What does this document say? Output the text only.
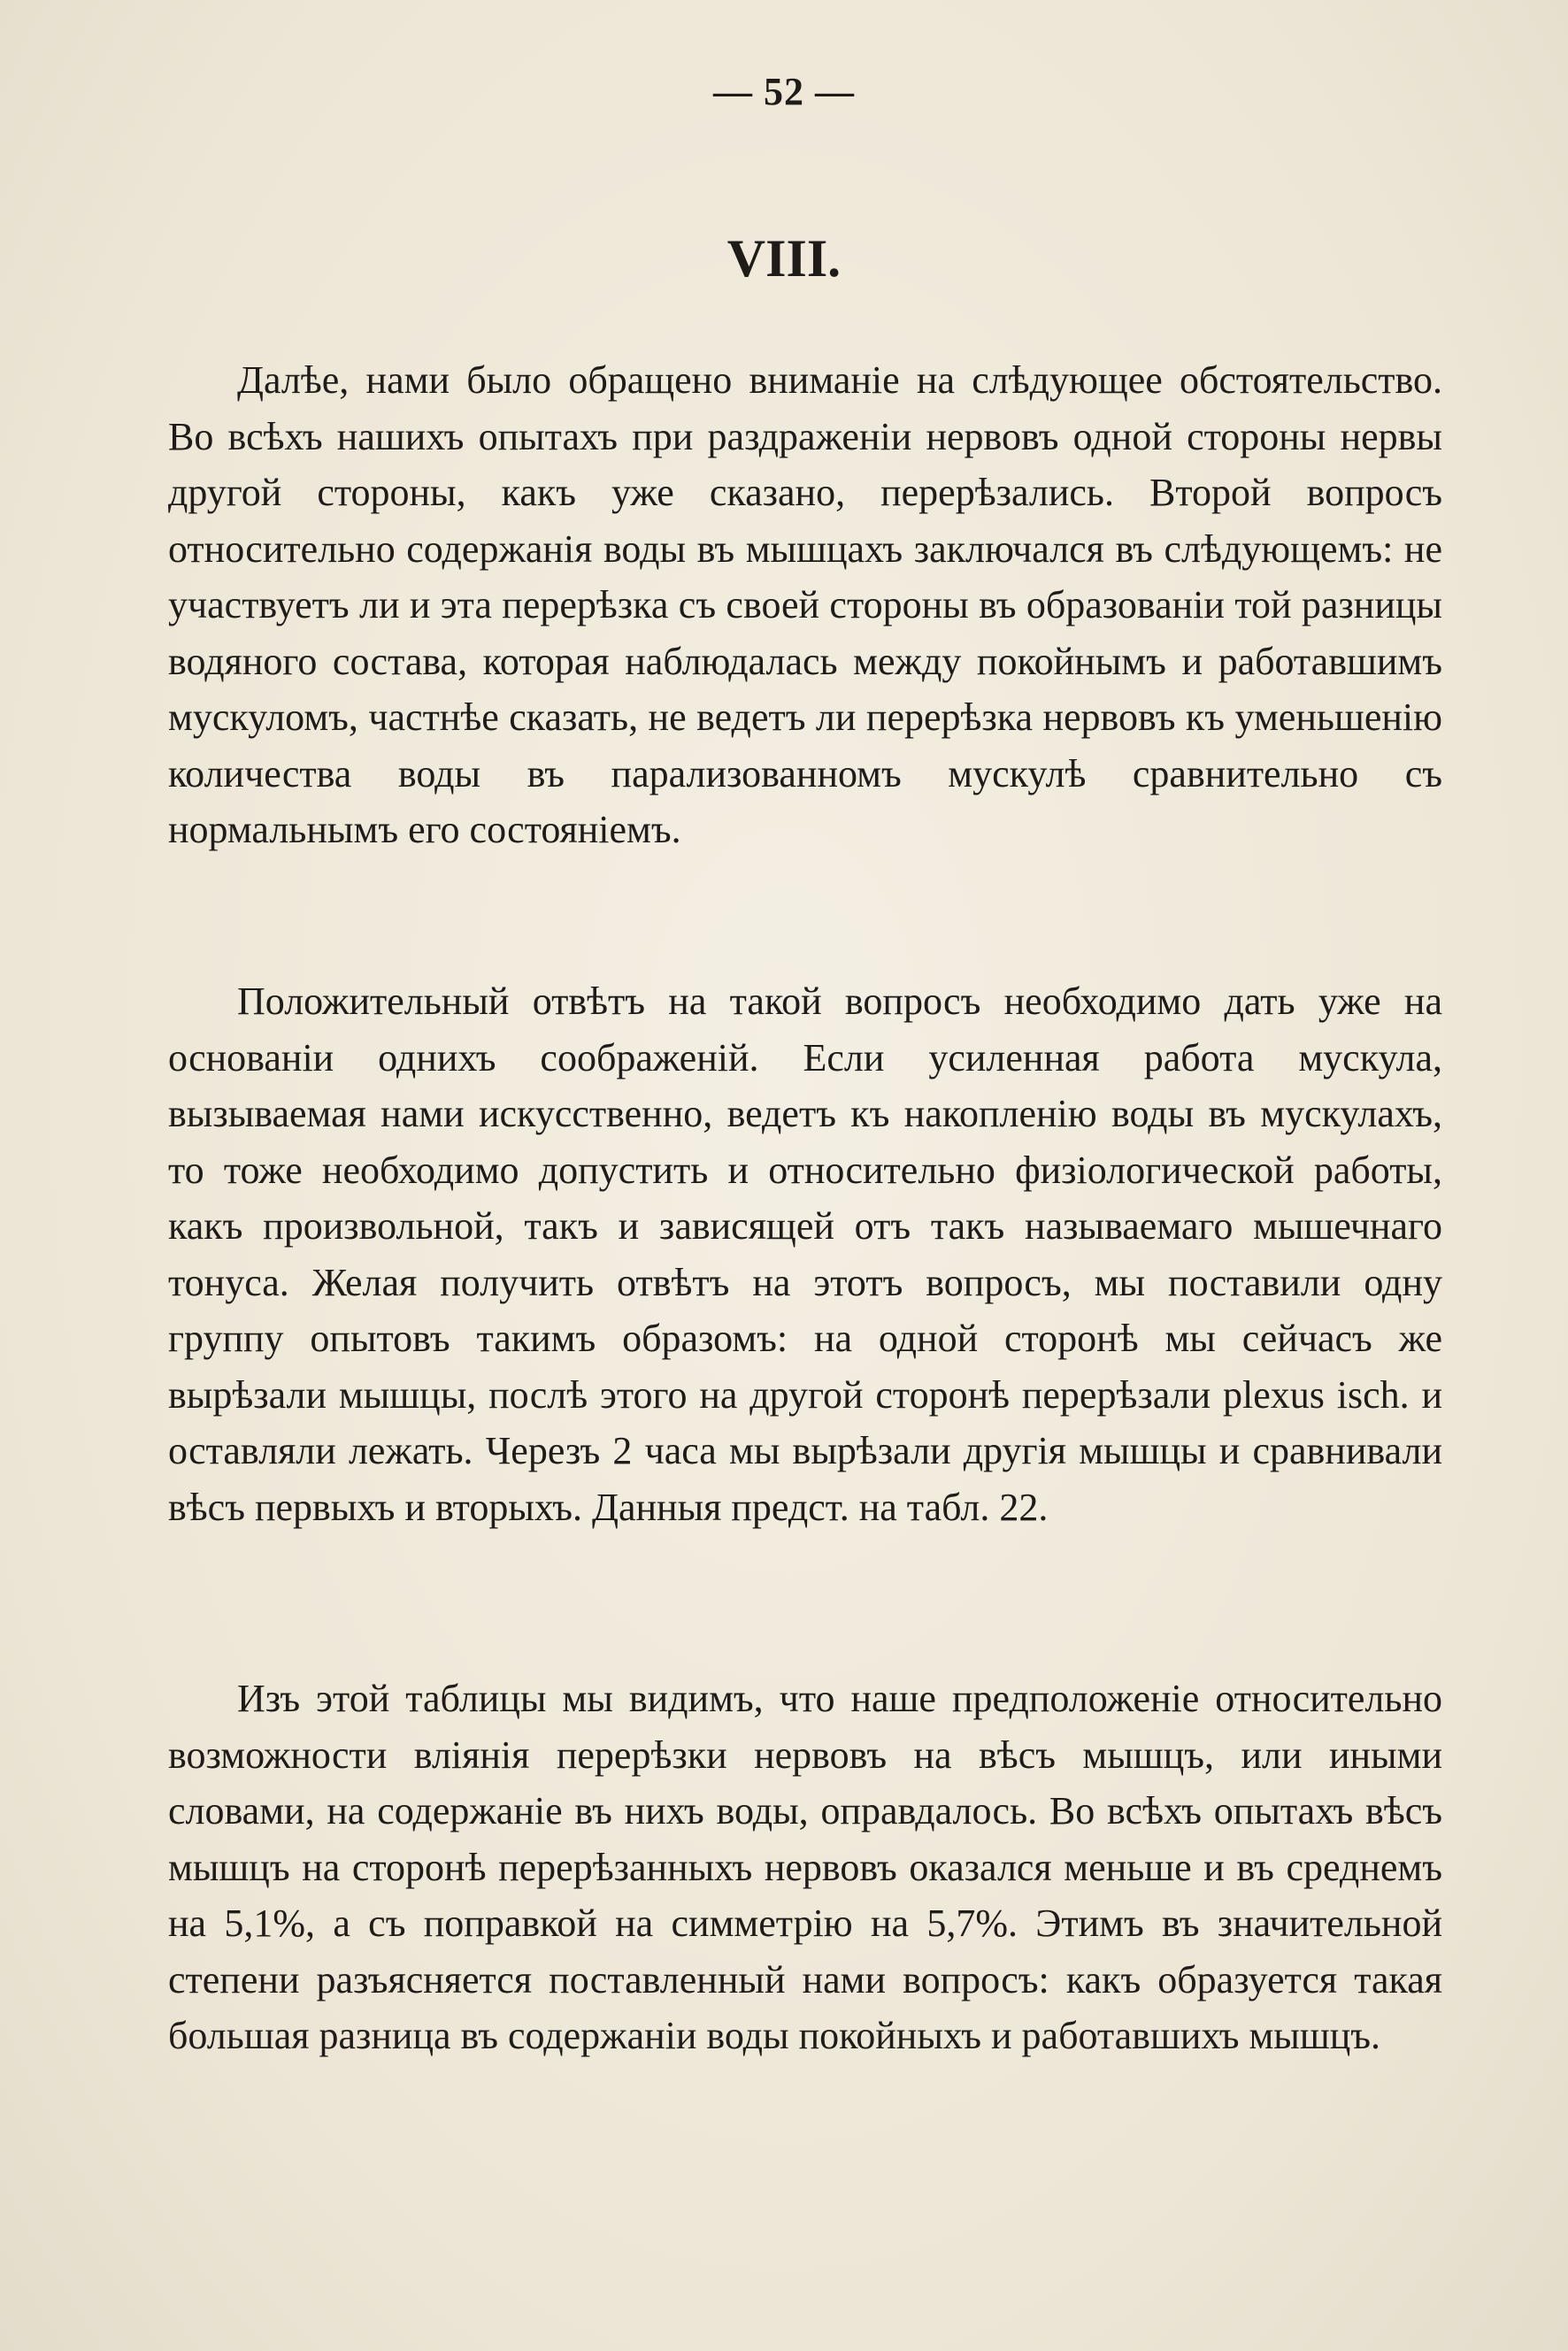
— 52 —
VIII.

Далѣе, нами было обращено вниманіе на слѣдующее обстоятельство. Во всѣхъ нашихъ опытахъ при раздраженіи нервовъ одной стороны нервы другой стороны, какъ уже сказано, перерѣзались. Второй вопросъ относительно содержанія воды въ мышцахъ заключался въ слѣдующемъ: не участвуетъ ли и эта перерѣзка съ своей стороны въ образованіи той разницы водяного состава, которая наблюдалась между покойнымъ и работавшимъ мускуломъ, частнѣе сказать, не ведетъ ли перерѣзка нервовъ къ уменьшенію количества воды въ парализованномъ мускулѣ сравнительно съ нормальнымъ его состояніемъ.

Положительный отвѣтъ на такой вопросъ необходимо дать уже на основаніи однихъ соображеній. Если усиленная работа мускула, вызываемая нами искусственно, ведетъ къ накопленію воды въ мускулахъ, то тоже необходимо допустить и относительно физіологической работы, какъ произвольной, такъ и зависящей отъ такъ называемаго мышечнаго тонуса. Желая получить отвѣтъ на этотъ вопросъ, мы поставили одну группу опытовъ такимъ образомъ: на одной сторонѣ мы сейчасъ же вырѣзали мышцы, послѣ этого на другой сторонѣ перерѣзали plexus isch. и оставляли лежать. Черезъ 2 часа мы вырѣзали другія мышцы и сравнивали вѣсъ первыхъ и вторыхъ. Данныя предст. на табл. 22.

Изъ этой таблицы мы видимъ, что наше предположеніе относительно возможности вліянія перерѣзки нервовъ на вѣсъ мышцъ, или иными словами, на содержаніе въ нихъ воды, оправдалось. Во всѣхъ опытахъ вѣсъ мышцъ на сторонѣ перерѣзанныхъ нервовъ оказался меньше и въ среднемъ на 5,1%, а съ поправкой на симметрію на 5,7%. Этимъ въ значительной степени разъясняется поставленный нами вопросъ: какъ образуется такая большая разница въ содержаніи воды покойныхъ и работавшихъ мышцъ.
